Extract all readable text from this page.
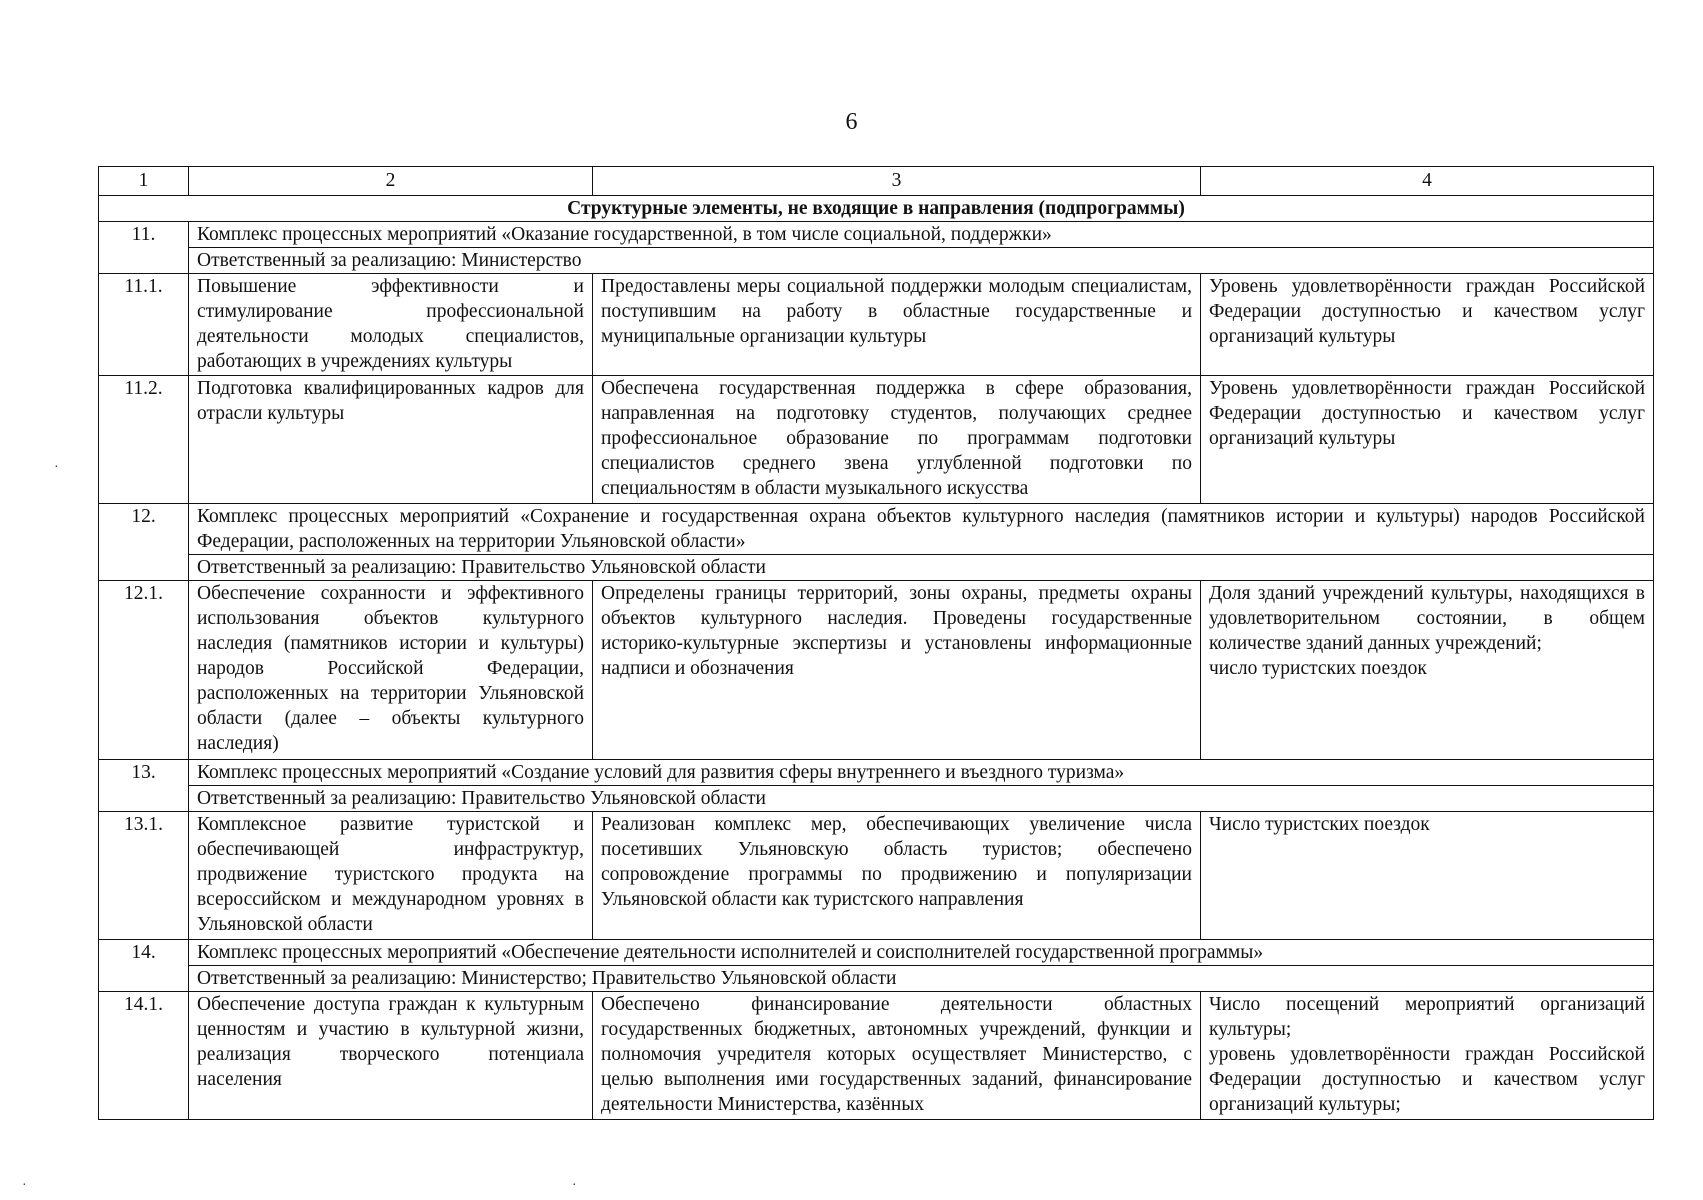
6
1	2	3	4
Структурные элементы, не входящие в направления (подпрограммы)			
11.	Комплекс процессных мероприятий «Оказание государственной, в том числе социальной, поддержки»		
	Ответственный за реализацию: Министерство		
11.1.	Повышение эффективности и стимулирование профессиональной деятельности молодых специалистов, работающих в учреждениях культуры	Предоставлены меры социальной поддержки молодым специалистам, поступившим на работу в областные государственные и муниципальные организации культуры	Уровень удовлетворённости граждан Российской Федерации доступностью и качеством услуг организаций культуры
11.2.	Подготовка квалифицированных кадров для отрасли культуры	Обеспечена государственная поддержка в сфере образования, направленная на подготовку студентов, получающих среднее профессиональное образование по программам подготовки специалистов среднего звена углубленной подготовки по специальностям в области музыкального искусства	Уровень удовлетворённости граждан Российской Федерации доступностью и качеством услуг организаций культуры
12.	Комплекс процессных мероприятий «Сохранение и государственная охрана объектов культурного наследия (памятников истории и культуры) народов Российской Федерации, расположенных на территории Ульяновской области»		
	Ответственный за реализацию: Правительство Ульяновской области		
12.1.	Обеспечение сохранности и эффективного использования объектов культурного наследия (памятников истории и культуры) народов Российской Федерации, расположенных на территории Ульяновской области (далее – объекты культурного наследия)	Определены границы территорий, зоны охраны, предметы охраны объектов культурного наследия. Проведены государственные историко-культурные экспертизы и установлены информационные надписи и обозначения	Доля зданий учреждений культуры, находящихся в удовлетворительном состоянии, в общем количестве зданий данных учреждений;
число туристских поездок

13.	Комплекс процессных мероприятий «Создание условий для развития сферы внутреннего и въездного туризма»		
	Ответственный за реализацию: Правительство Ульяновской области		
13.1.	Комплексное развитие туристской и обеспечивающей инфраструктур, продвижение туристского продукта на всероссийском и международном уровнях в Ульяновской области	Реализован комплекс мер, обеспечивающих увеличение числа посетивших Ульяновскую область туристов; обеспечено сопровождение программы по продвижению и популяризации Ульяновской области как туристского направления	Число туристских поездок
14.	Комплекс процессных мероприятий «Обеспечение деятельности исполнителей и соисполнителей государственной программы»		
	Ответственный за реализацию: Министерство; Правительство Ульяновской области		
14.1.	Обеспечение доступа граждан к культурным ценностям и участию в культурной жизни, реализация творческого потенциала населения	Обеспечено финансирование деятельности областных государственных бюджетных, автономных учреждений, функции и полномочия учредителя которых осуществляет Министерство, с целью выполнения ими государственных заданий, финансирование деятельности Министерства, казённых	Число посещений мероприятий организаций культуры;
уровень удовлетворённости граждан Российской Федерации доступностью и качеством услуг организаций культуры;
·
·	·
